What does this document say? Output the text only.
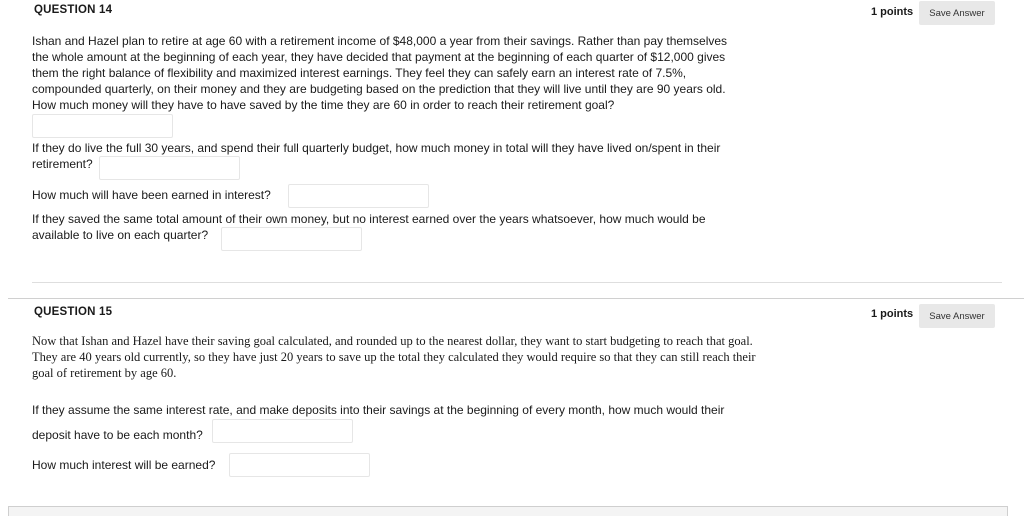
QUESTION 14	1 points	Save Answer
Ishan and Hazel plan to retire at age 60 with a retirement income of $48,000 a year from their savings. Rather than pay themselves
the whole amount at the beginning of each year, they have decided that payment at the beginning of each quarter of $12,000 gives
them the right balance of flexibility and maximized interest earnings. They feel they can safely earn an interest rate of 7.5%,
compounded quarterly, on their money and they are budgeting based on the prediction that they will live until they are 90 years old.
How much money will they have to have saved by the time they are 60 in order to reach their retirement goal?
If they do live the full 30 years, and spend their full quarterly budget, how much money in total will they have lived on/spent in their
retirement?
How much will have been earned in interest?
If they saved the same total amount of their own money, but no interest earned over the years whatsoever, how much would be
available to live on each quarter?
QUESTION 15	1 points	Save Answer
Now that Ishan and Hazel have their saving goal calculated, and rounded up to the nearest dollar, they want to start budgeting to reach that goal.
They are 40 years old currently, so they have just 20 years to save up the total they calculated they would require so that they can still reach their
goal of retirement by age 60.
If they assume the same interest rate, and make deposits into their savings at the beginning of every month, how much would their
deposit have to be each month?
How much interest will be earned?
